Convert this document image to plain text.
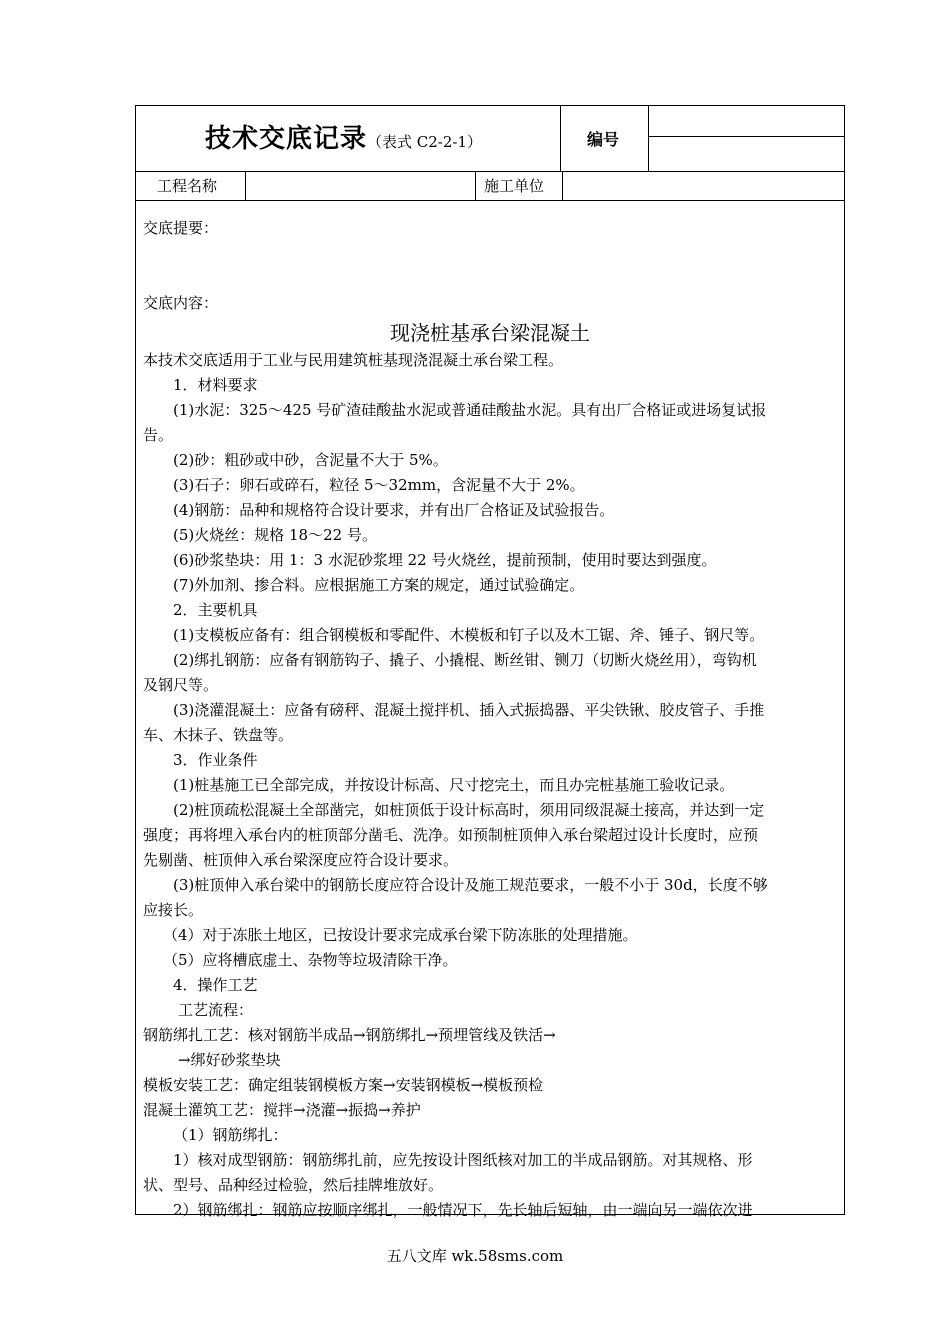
技术交底记录（表式 C2-2-1）	编号
工程名称	施工单位

交底提要：

交底内容：

现浇桩基承台梁混凝土

本技术交底适用于工业与民用建筑桩基现浇混凝土承台梁工程。

1．材料要求

(1)水泥：325～425 号矿渣硅酸盐水泥或普通硅酸盐水泥。具有出厂合格证或进场复试报

告。

(2)砂：粗砂或中砂，含泥量不大于 5%。

(3)石子：卵石或碎石，粒径 5～32mm，含泥量不大于 2%。

(4)钢筋：品种和规格符合设计要求，并有出厂合格证及试验报告。

(5)火烧丝：规格 18～22 号。

(6)砂浆垫块：用 1：3 水泥砂浆埋 22 号火烧丝，提前预制，使用时要达到强度。

(7)外加剂、掺合料。应根据施工方案的规定，通过试验确定。

2．主要机具

(1)支模板应备有：组合钢模板和零配件、木模板和钉子以及木工锯、斧、锤子、钢尺等。

(2)绑扎钢筋：应备有钢筋钩子、撬子、小撬棍、断丝钳、铡刀（切断火烧丝用），弯钩机

及钢尺等。

(3)浇灌混凝土：应备有磅秤、混凝土搅拌机、插入式振捣器、平尖铁锹、胶皮管子、手推

车、木抹子、铁盘等。

3．作业条件

(1)桩基施工已全部完成，并按设计标高、尺寸挖完土，而且办完桩基施工验收记录。

(2)桩顶疏松混凝土全部凿完，如桩顶低于设计标高时，须用同级混凝土接高，并达到一定

强度；再将埋入承台内的桩顶部分凿毛、洗净。如预制桩顶伸入承台梁超过设计长度时，应预

先剔凿、桩顶伸入承台梁深度应符合设计要求。

(3)桩顶伸入承台梁中的钢筋长度应符合设计及施工规范要求，一般不小于 30d，长度不够

应接长。

（4）对于冻胀土地区，已按设计要求完成承台梁下防冻胀的处理措施。

（5）应将槽底虚土、杂物等垃圾清除干净。

4．操作工艺

工艺流程：

钢筋绑扎工艺：核对钢筋半成品→钢筋绑扎→预埋管线及铁活→

→绑好砂浆垫块

模板安装工艺：确定组装钢模板方案→安装钢模板→模板预检

混凝土灌筑工艺：搅拌→浇灌→振捣→养护

（1）钢筋绑扎：

1）核对成型钢筋：钢筋绑扎前，应先按设计图纸核对加工的半成品钢筋。对其规格、形

状、型号、品种经过检验，然后挂牌堆放好。

2）钢筋绑扎：钢筋应按顺序绑扎，一般情况下，先长轴后短轴，由一端向另一端依次进

五八文库 wk.58sms.com
